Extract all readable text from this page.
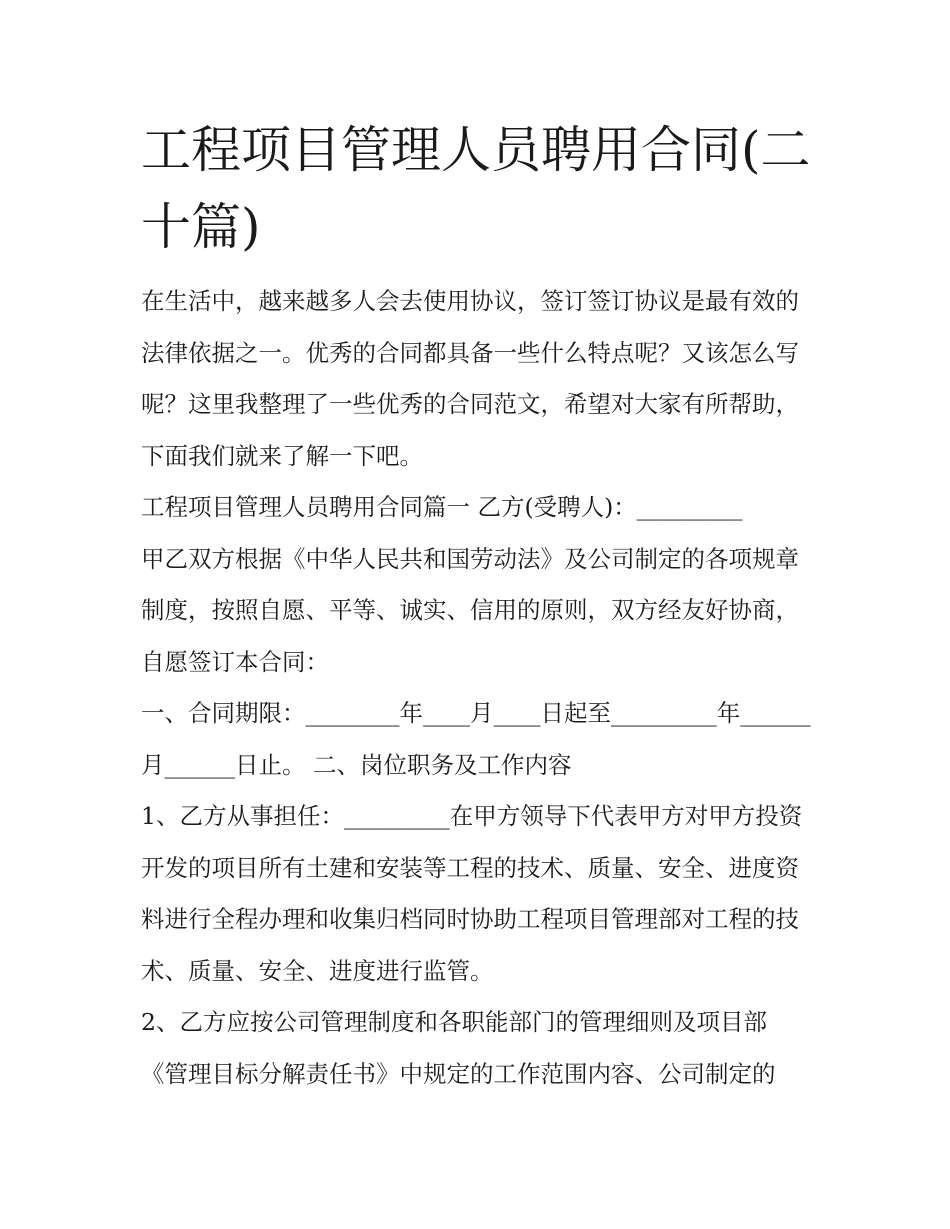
工程项目管理人员聘用合同(二十篇)

在生活中，越来越多人会去使用协议，签订签订协议是最有效的法律依据之一。优秀的合同都具备一些什么特点呢？又该怎么写呢？这里我整理了一些优秀的合同范文，希望对大家有所帮助，下面我们就来了解一下吧。

工程项目管理人员聘用合同篇一 乙方(受聘人)：_________

甲乙双方根据《中华人民共和国劳动法》及公司制定的各项规章制度，按照自愿、平等、诚实、信用的原则，双方经友好协商，自愿签订本合同：

一、合同期限：________年____月____日起至_________年______月______日止。 二、岗位职务及工作内容

1、乙方从事担任：_________在甲方领导下代表甲方对甲方投资开发的项目所有土建和安装等工程的技术、质量、安全、进度资料进行全程办理和收集归档同时协助工程项目管理部对工程的技术、质量、安全、进度进行监管。

2、乙方应按公司管理制度和各职能部门的管理细则及项目部《管理目标分解责任书》中规定的工作范围内容、公司制定的
